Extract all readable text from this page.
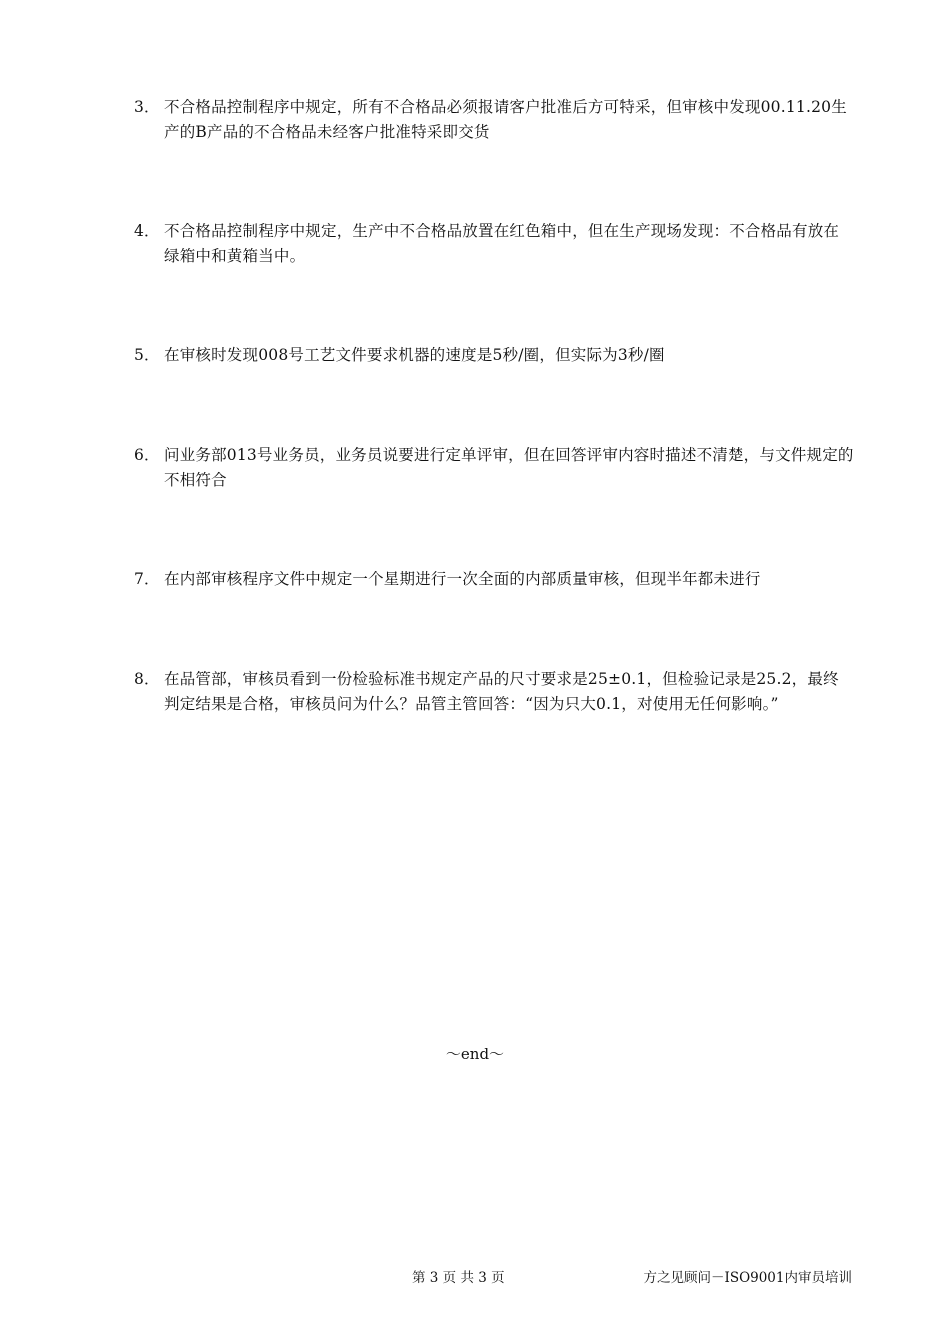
3． 不合格品控制程序中规定，所有不合格品必须报请客户批准后方可特采，但审核中发现00.11.20生产的B产品的不合格品未经客户批准特采即交货
4． 不合格品控制程序中规定，生产中不合格品放置在红色箱中，但在生产现场发现：不合格品有放在绿箱中和黄箱当中。
5． 在审核时发现008号工艺文件要求机器的速度是5秒/圈，但实际为3秒/圈
6． 问业务部013号业务员，业务员说要进行定单评审，但在回答评审内容时描述不清楚，与文件规定的不相符合
7． 在内部审核程序文件中规定一个星期进行一次全面的内部质量审核，但现半年都未进行
8． 在品管部，审核员看到一份检验标准书规定产品的尺寸要求是25±0.1，但检验记录是25.2，最终判定结果是合格，审核员问为什么？品管主管回答：“因为只大0.1，对使用无任何影响。”
～end～
第 3 页 共 3 页	方之见顾问－ISO9001内审员培训
